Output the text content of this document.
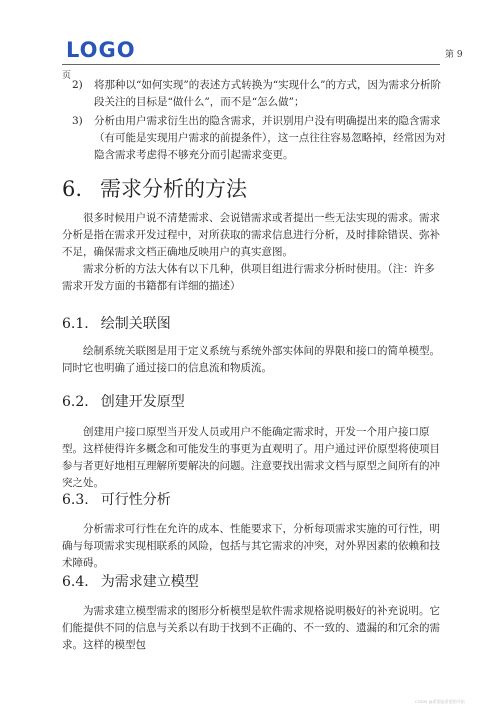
LOGO	第 9
页
2) 将那种以“如何实现”的表述方式转换为“实现什么”的方式，因为需求分析阶段关注的目标是“做什么”，而不是“怎么做”；
3) 分析由用户需求衍生出的隐含需求，并识别用户没有明确提出来的隐含需求（有可能是实现用户需求的前提条件），这一点往往容易忽略掉，经常因为对隐含需求考虑得不够充分而引起需求变更。
6. 需求分析的方法
很多时候用户说不清楚需求、会说错需求或者提出一些无法实现的需求。需求分析是指在需求开发过程中，对所获取的需求信息进行分析，及时排除错误、弥补不足，确保需求文档正确地反映用户的真实意图。
需求分析的方法大体有以下几种，供项目组进行需求分析时使用。（注：许多需求开发方面的书籍都有详细的描述）
6.1. 绘制关联图
绘制系统关联图是用于定义系统与系统外部实体间的界限和接口的简单模型。同时它也明确了通过接口的信息流和物质流。
6.2. 创建开发原型
创建用户接口原型当开发人员或用户不能确定需求时，开发一个用户接口原型。这样使得许多概念和可能发生的事更为直观明了。用户通过评价原型将使项目参与者更好地相互理解所要解决的问题。注意要找出需求文档与原型之间所有的冲突之处。
6.3. 可行性分析
分析需求可行性在允许的成本、性能要求下，分析每项需求实施的可行性，明确与每项需求实现相联系的风险，包括与其它需求的冲突，对外界因素的依赖和技术障碍。
6.4. 为需求建立模型
为需求建立模型需求的图形分析模型是软件需求规格说明极好的补充说明。它们能提供不同的信息与关系以有助于找到不正确的、不一致的、遗漏的和冗余的需求。这样的模型包
CSDN @希望是希望的开始
